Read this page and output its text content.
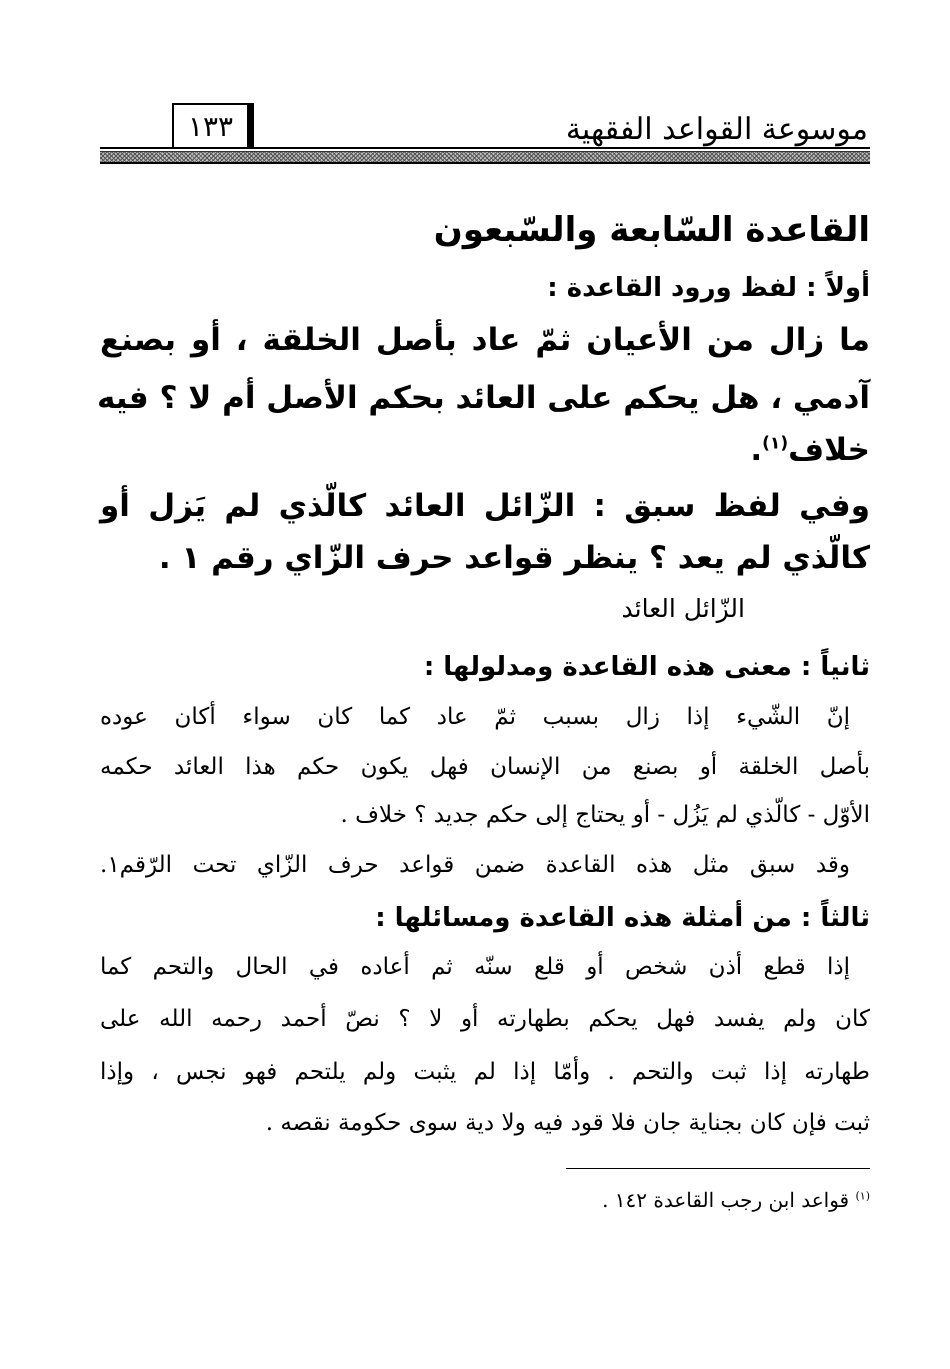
موسوعة القواعد الفقهية
١٣٣
القاعدة السّابعة والسّبعون
أولاً : لفظ ورود القاعدة :
ما زال من الأعيان ثمّ عاد بأصل الخلقة ، أو بصنع
آدمي ، هل يحكم على العائد بحكم الأصل أم لا ؟ فيه
خلاف$^{(١)}$.
وفي لفظ سبق : الزّائل العائد كالّذي لم يَزل أو
كالّذي لم يعد ؟ ينظر قواعد حرف الزّاي رقم ١ .
الزّائل العائد
ثانياً : معنى هذه القاعدة ومدلولها :
إنّ الشّيء إذا زال بسبب ثمّ عاد كما كان سواء أكان عوده
بأصل الخلقة أو بصنع من الإنسان فهل يكون حكم هذا العائد حكمه
الأوّل - كالّذي لم يَزُل - أو يحتاج إلى حكم جديد ؟ خلاف .
وقد سبق مثل هذه القاعدة ضمن قواعد حرف الزّاي تحت الرّقم١.
ثالثاً : من أمثلة هذه القاعدة ومسائلها :
إذا قطع أذن شخص أو قلع سنّه ثم أعاده في الحال والتحم كما
كان ولم يفسد فهل يحكم بطهارته أو لا ؟ نصّ أحمد رحمه الله على
طهارته إذا ثبت والتحم . وأمّا إذا لم يثبت ولم يلتحم فهو نجس ، وإذا
ثبت فإن كان بجناية جان فلا قود فيه ولا دية سوى حكومة نقصه .
$^{(١)}$ قواعد ابن رجب القاعدة ١٤٢ .
